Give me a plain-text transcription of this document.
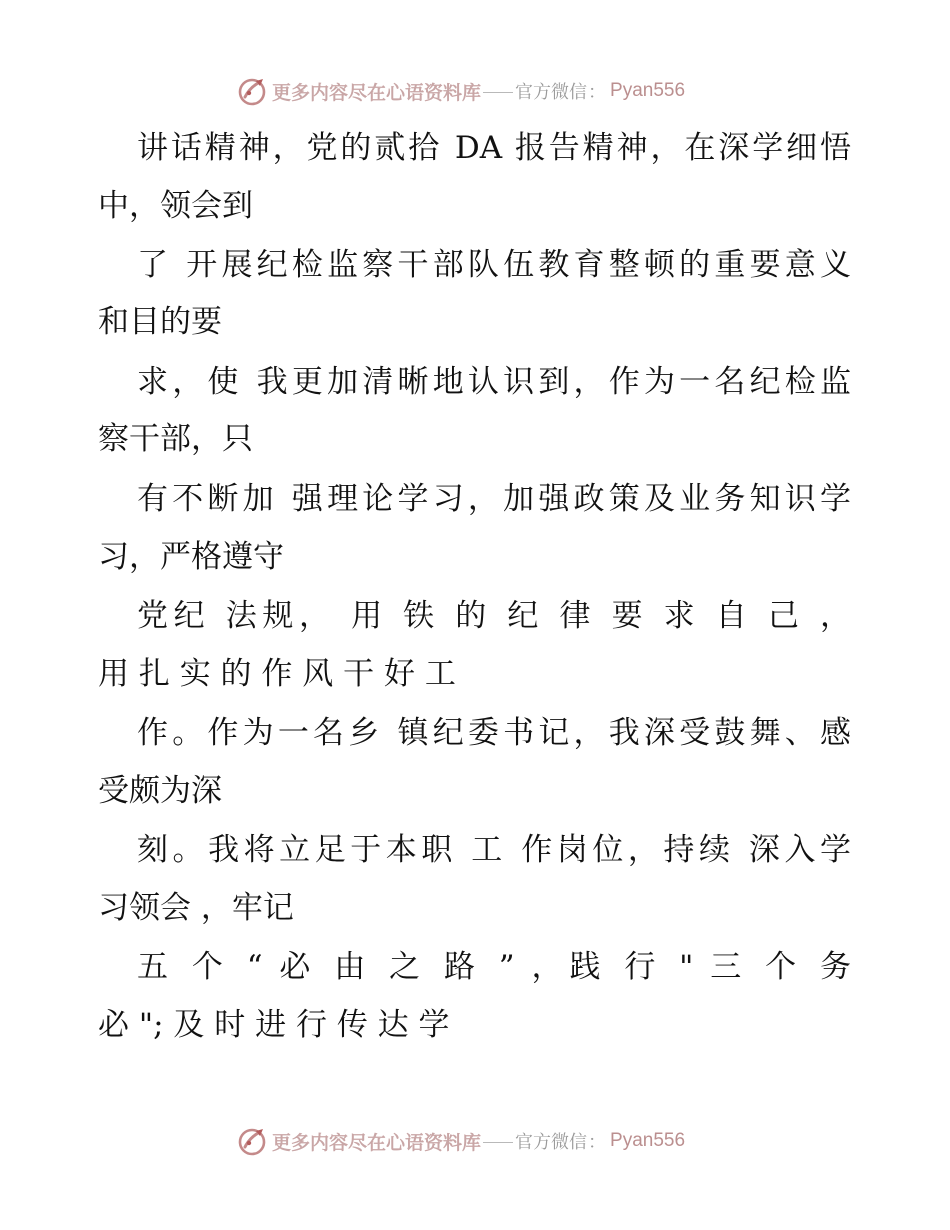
更多内容尽在心语资料库 官方微信 ： Pyan556
讲话精神，党的贰拾 DA 报告精神，在深学细悟
中，领会到
了 开展纪检监察干部队伍教育整顿的重要意义
和目的要
求，使 我更加清晰地认识到，作为一名纪检监
察干部，只
有不断加 强理论学习，加强政策及业务知识学
习，严格遵守
党纪 法规， 用 铁 的 纪 律 要 求 自 己 ，
用 扎 实 的 作 风 干 好 工
作。作为一名乡 镇纪委书记，我深受鼓舞、感
受颇为深
刻。我将立足于本职 工 作岗位，持续 深入学
习领会 ，牢记
五 个 “ 必 由 之 路 ” ，践 行 " 三 个 务
必 "; 及 时 进 行 传 达 学
更多内容尽在心语资料库 官方微信 ： Pyan556
